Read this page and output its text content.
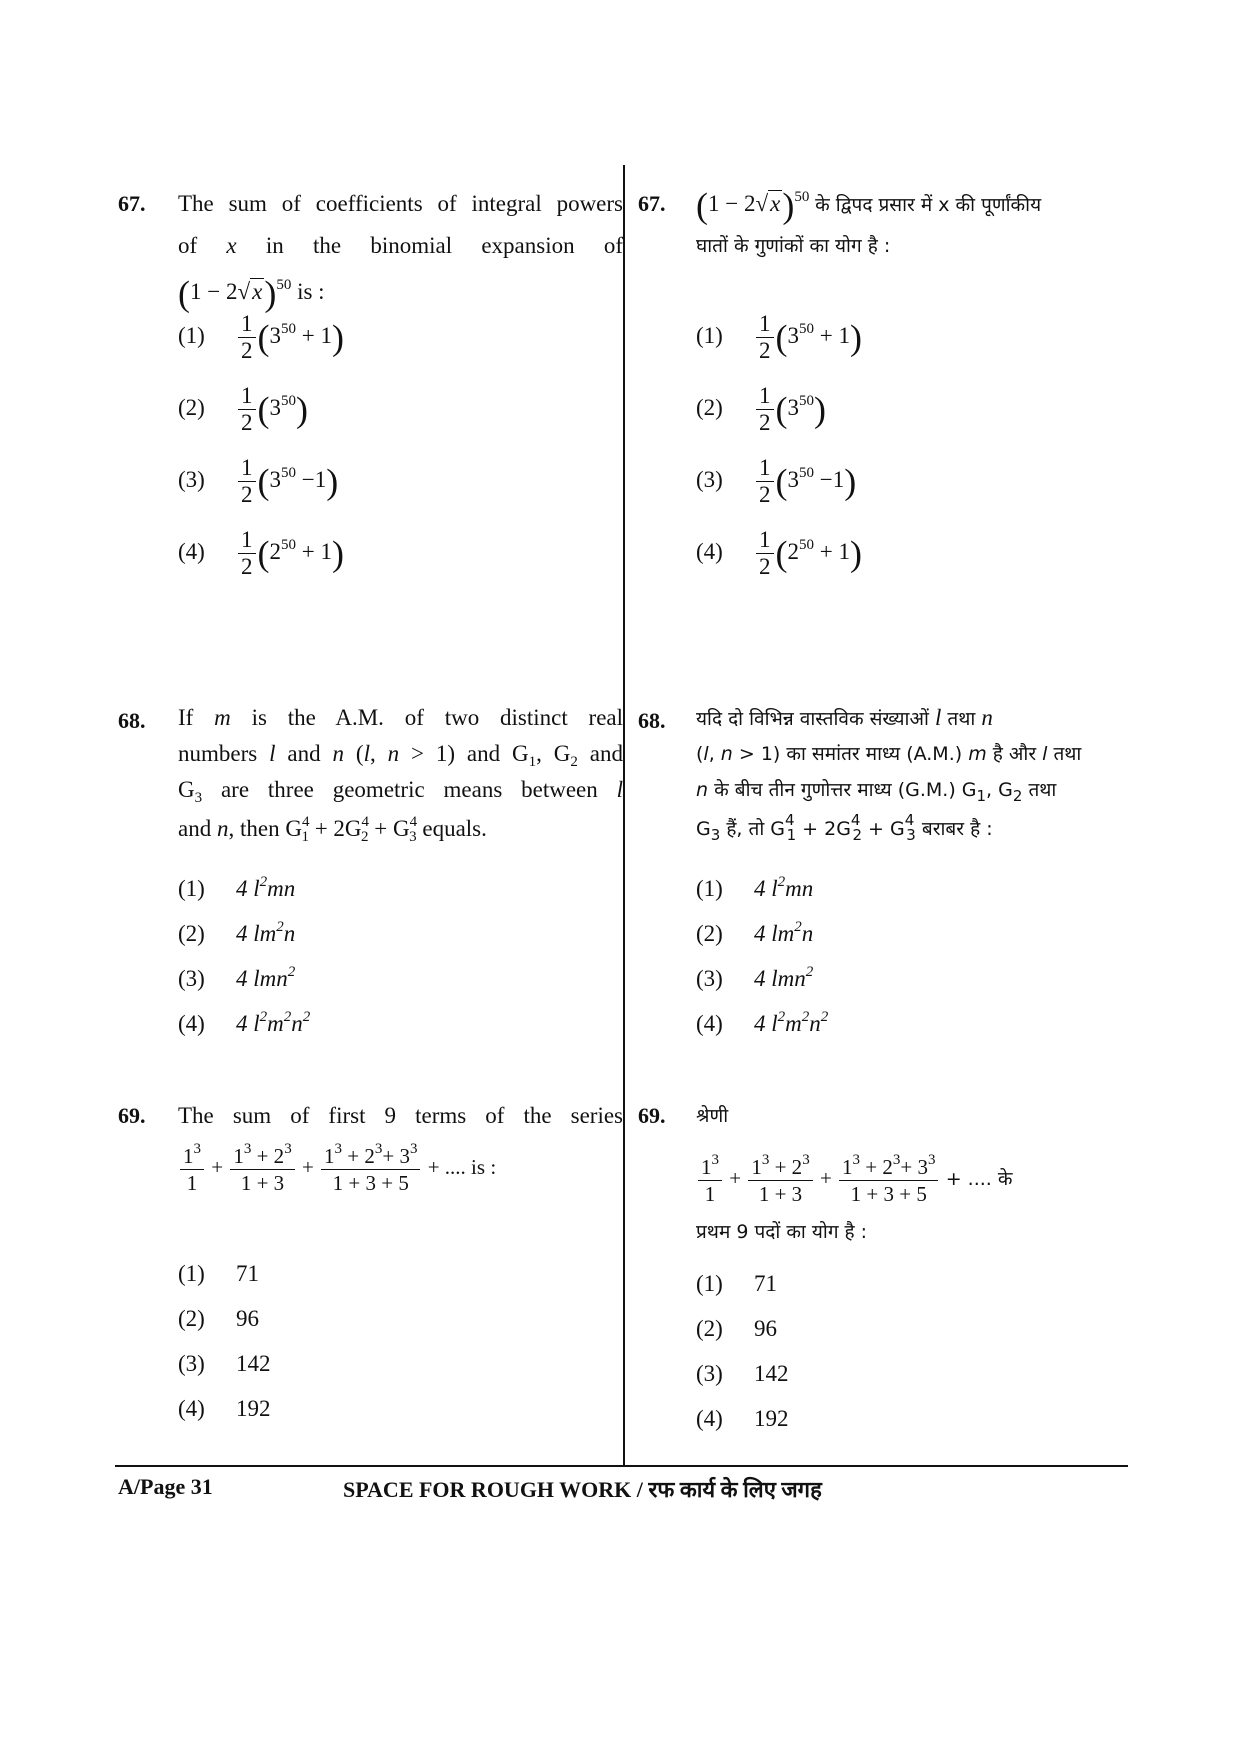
67. The sum of coefficients of integral powers
of x in the binomial expansion of
$(1 - 2√x)^{50}$ is :
$(1) \frac{1}{2} (3^{50} + 1)$
$(2) \frac{1}{2} (3^{50})$
$(3) \frac{1}{2} (3^{50} -1)$
$(4) \frac{1}{2} (2^{50} + 1)$
67. $(1 - 2√x)^{50}$ के द्विपद प्रसार में x की पूर्णांकीय
घातों के गुणांकों का योग है :
$(1) \frac{1}{2} (3^{50} + 1)$
$(2) \frac{1}{2} (3^{50})$
$(3) \frac{1}{2} (3^{50} -1)$
$(4) \frac{1}{2} (2^{50} + 1)$
68. If m is the A.M. of two distinct real
numbers l and n (l, n > 1) and $G_1$, $G_2$ and
$G_3$ are three geometric means between l
and n, then $G^4_1 + 2G^4_2 + G^4_3$ equals.
(1) 4 $l^2mn$
(2) 4 $lm^2n$
(3) 4 lmn$^2$
(4) 4 $l^2m^2n^2$
68. यदि दो विभिन्न वास्तविक संख्याओं l तथा n
(l, n > 1) का समांतर माध्य (A.M.) m है और l तथा
n के बीच तीन गुणोत्तर माध्य (G.M.) $G_1$, $G_2$ तथा
$G_3$ हैं, तो $G^4_1 + 2G^4_2 + G^4_3$ बराबर है :
(1) 4 $l^2mn$
(2) 4 $lm^2n$
(3) 4 lmn$^2$
(4) 4 $l^2m^2n^2$
69. The sum of first 9 terms of the series
$\frac{1^3}{1} + \frac{1^3 + 2^3}{1 + 3} + \frac{1^3 + 2^3+ 3^3}{1 + 3 + 5}$ + .... is :
(1) 71
(2) 96
(3) 142
(4) 192
69. श्रेणी
$\frac{1^3}{1} + \frac{1^3 + 2^3}{1 + 3} + \frac{1^3 + 2^3+ 3^3}{1 + 3 + 5}$ + .... के
प्रथम 9 पदों का योग है :
(1) 71
(2) 96
(3) 142
(4) 192
A/Page 31	SPACE FOR ROUGH WORK / रफ कार्य के लिए जगह
